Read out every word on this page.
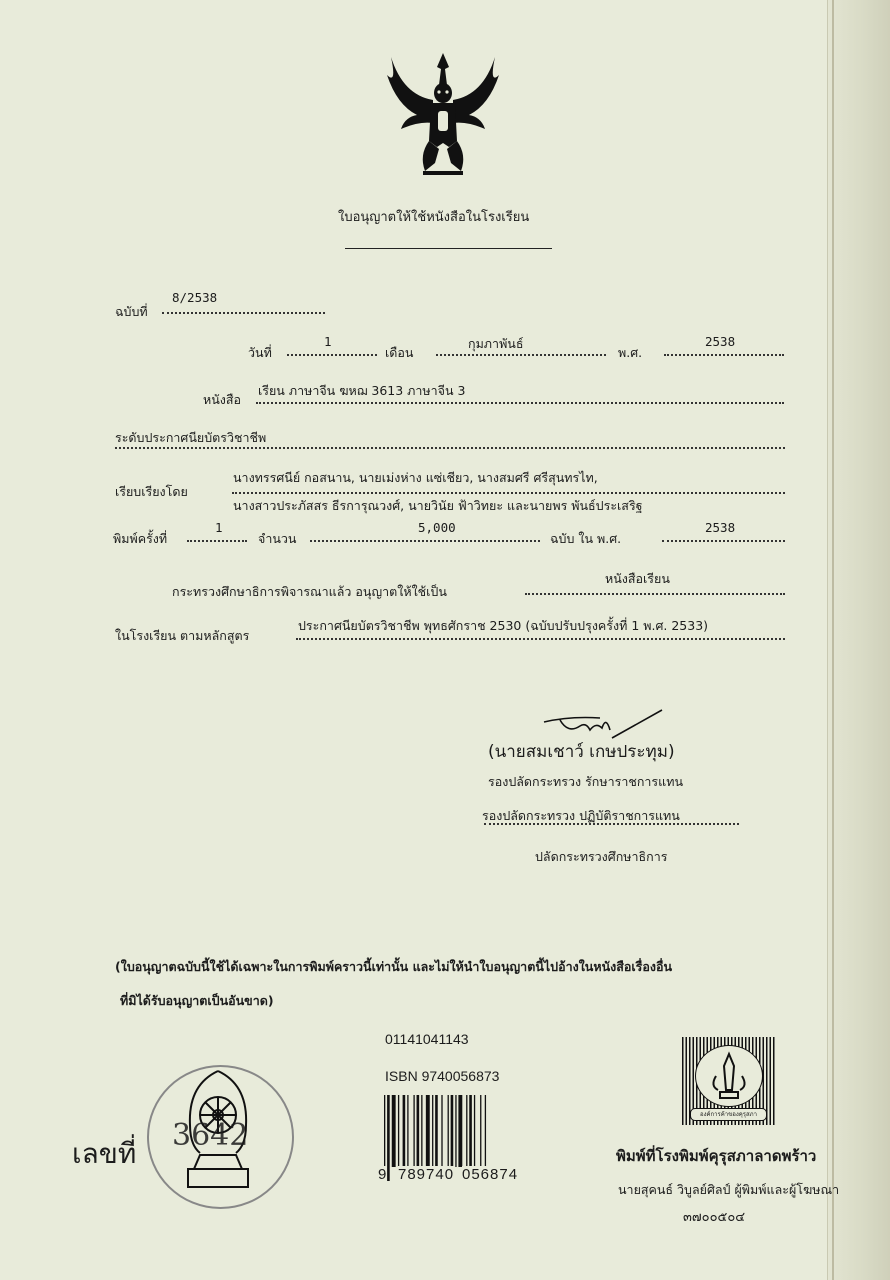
ใบอนุญาตให้ใช้หนังสือในโรงเรียน
ฉบับที่
8/2538
วันที่
1
เดือน
กุมภาพันธ์
พ.ศ.
2538
หนังสือ
เรียน ภาษาจีน ฆหฌ 3613 ภาษาจีน 3
ระดับประกาศนียบัตรวิชาชีพ
เรียบเรียงโดย
นางทรรศนีย์ กอสนาน, นายเม่งห่าง แซ่เชียว, นางสมศรี ศรีสุนทรไท,
นางสาวประภัสสร ธีรการุณวงศ์, นายวินัย ฟ้าวิทยะ และนายพร พันธ์ประเสริฐ
พิมพ์ครั้งที่
1
จำนวน
5,000
ฉบับ ใน พ.ศ.
2538
กระทรวงศึกษาธิการพิจารณาแล้ว อนุญาตให้ใช้เป็น
หนังสือเรียน
ในโรงเรียน ตามหลักสูตร
ประกาศนียบัตรวิชาชีพ พุทธศักราช 2530 (ฉบับปรับปรุงครั้งที่ 1 พ.ศ. 2533)
(นายสมเชาว์ เกษประทุม)
รองปลัดกระทรวง รักษาราชการแทน
รองปลัดกระทรวง ปฏิบัติราชการแทน
ปลัดกระทรวงศึกษาธิการ
(ใบอนุญาตฉบับนี้ใช้ได้เฉพาะในการพิมพ์คราวนี้เท่านั้น และไม่ให้นำใบอนุญาตนี้ไปอ้างในหนังสือเรื่องอื่น
ที่มิได้รับอนุญาตเป็นอันขาด)
เลขที่
3642
01141041143
ISBN 9740056873
9 789740 056874
องค์การค้าของคุรุสภา
พิมพ์ที่โรงพิมพ์คุรุสภาลาดพร้าว
นายสุคนธ์ วิบูลย์ศิลป์ ผู้พิมพ์และผู้โฆษณา
๓๗๐๐๕๐๔
